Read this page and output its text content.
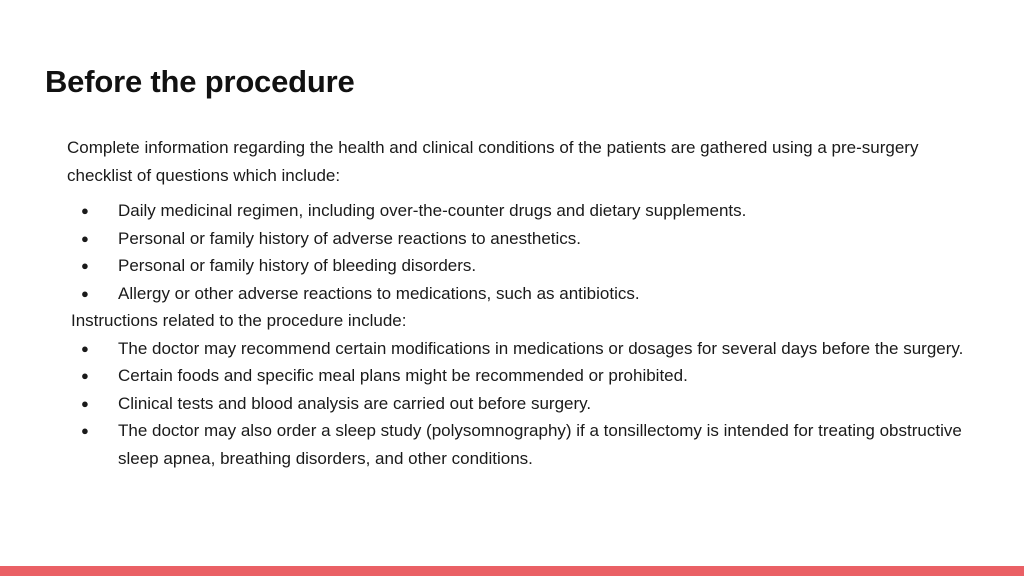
Before the procedure

Complete information regarding the health and clinical conditions of the patients are gathered using a pre-surgery checklist of questions which include:

● Daily medicinal regimen, including over-the-counter drugs and dietary supplements.
● Personal or family history of adverse reactions to anesthetics.
● Personal or family history of bleeding disorders.
● Allergy or other adverse reactions to medications, such as antibiotics.

Instructions related to the procedure include:

● The doctor may recommend certain modifications in medications or dosages for several days before the surgery.
● Certain foods and specific meal plans might be recommended or prohibited.
● Clinical tests and blood analysis are carried out before surgery.
● The doctor may also order a sleep study (polysomnography) if a tonsillectomy is intended for treating obstructive sleep apnea, breathing disorders, and other conditions.
